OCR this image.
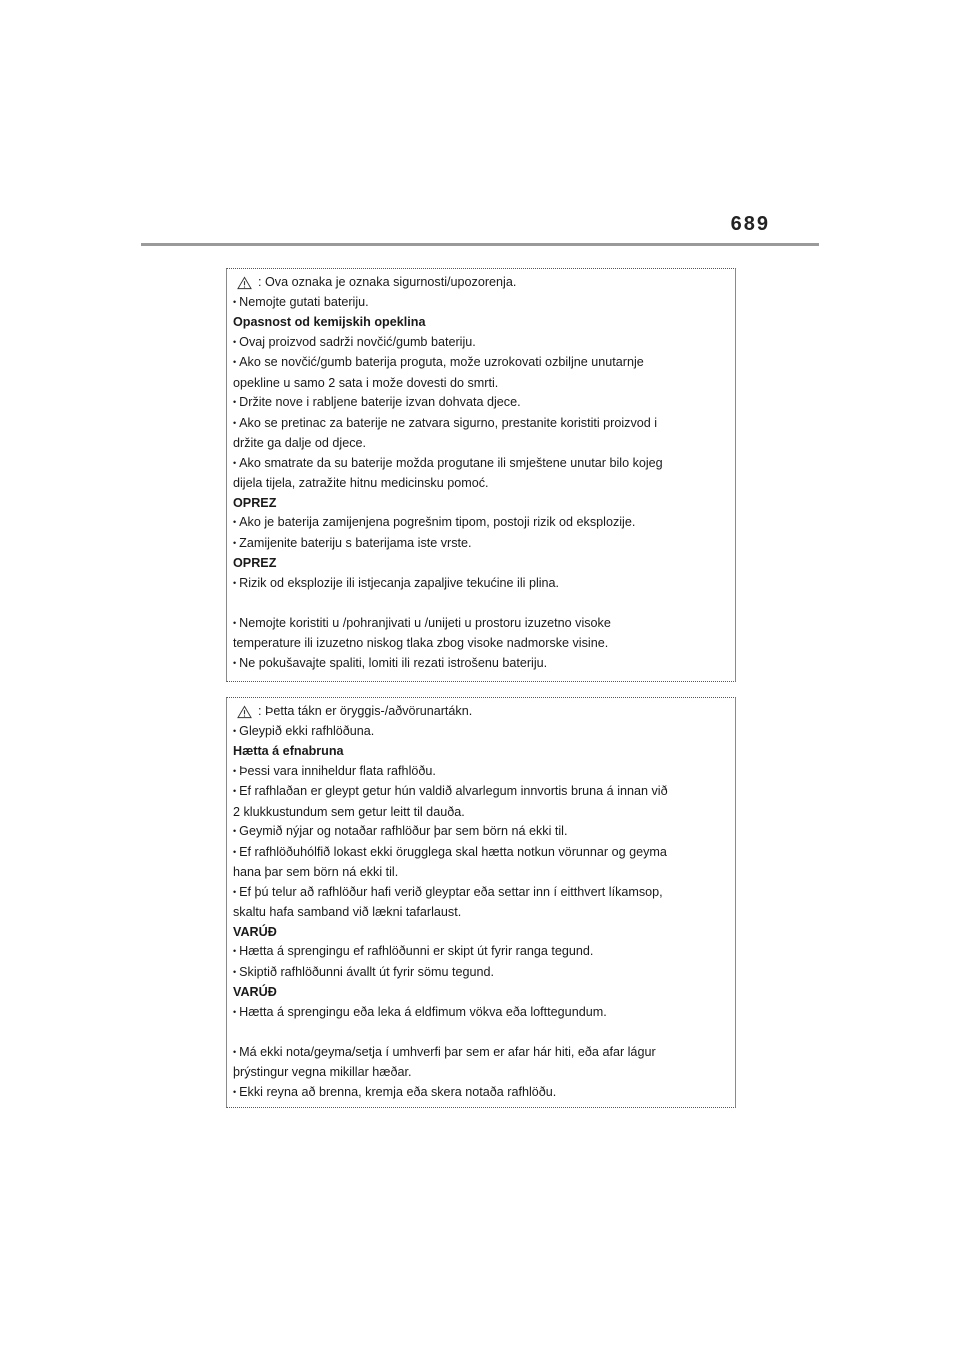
689
: Ova oznaka je oznaka sigurnosti/upozorenja.
• Nemojte gutati bateriju.
Opasnost od kemijskih opeklina
• Ovaj proizvod sadrži novčić/gumb bateriju.
• Ako se novčić/gumb baterija proguta, može uzrokovati ozbiljne unutarnje
opekline u samo 2 sata i može dovesti do smrti.
• Držite nove i rabljene baterije izvan dohvata djece.
• Ako se pretinac za baterije ne zatvara sigurno, prestanite koristiti proizvod i
držite ga dalje od djece.
• Ako smatrate da su baterije možda progutane ili smještene unutar bilo kojeg
dijela tijela, zatražite hitnu medicinsku pomoć.
OPREZ
• Ako je baterija zamijenjena pogrešnim tipom, postoji rizik od eksplozije.
• Zamijenite bateriju s baterijama iste vrste.
OPREZ
• Rizik od eksplozije ili istjecanja zapaljive tekućine ili plina.
• Nemojte koristiti u /pohranjivati u /unijeti u prostoru izuzetno visoke
temperature ili izuzetno niskog tlaka zbog visoke nadmorske visine.
• Ne pokušavajte spaliti, lomiti ili rezati istrošenu bateriju.
: Þetta tákn er öryggis-/aðvörunartákn.
• Gleypið ekki rafhlöðuna.
Hætta á efnabruna
• Þessi vara inniheldur flata rafhlöðu.
• Ef rafhlaðan er gleypt getur hún valdið alvarlegum innvortis bruna á innan við
2 klukkustundum sem getur leitt til dauða.
• Geymið nýjar og notaðar rafhlöður þar sem börn ná ekki til.
• Ef rafhlöðuhólfið lokast ekki örugglega skal hætta notkun vörunnar og geyma
hana þar sem börn ná ekki til.
• Ef þú telur að rafhlöður hafi verið gleyptar eða settar inn í eitthvert líkamsop,
skaltu hafa samband við lækni tafarlaust.
VARÚÐ
• Hætta á sprengingu ef rafhlöðunni er skipt út fyrir ranga tegund.
• Skiptið rafhlöðunni ávallt út fyrir sömu tegund.
VARÚÐ
• Hætta á sprengingu eða leka á eldfimum vökva eða lofttegundum.
• Má ekki nota/geyma/setja í umhverfi þar sem er afar hár hiti, eða afar lágur
þrýstingur vegna mikillar hæðar.
• Ekki reyna að brenna, kremja eða skera notaða rafhlöðu.
